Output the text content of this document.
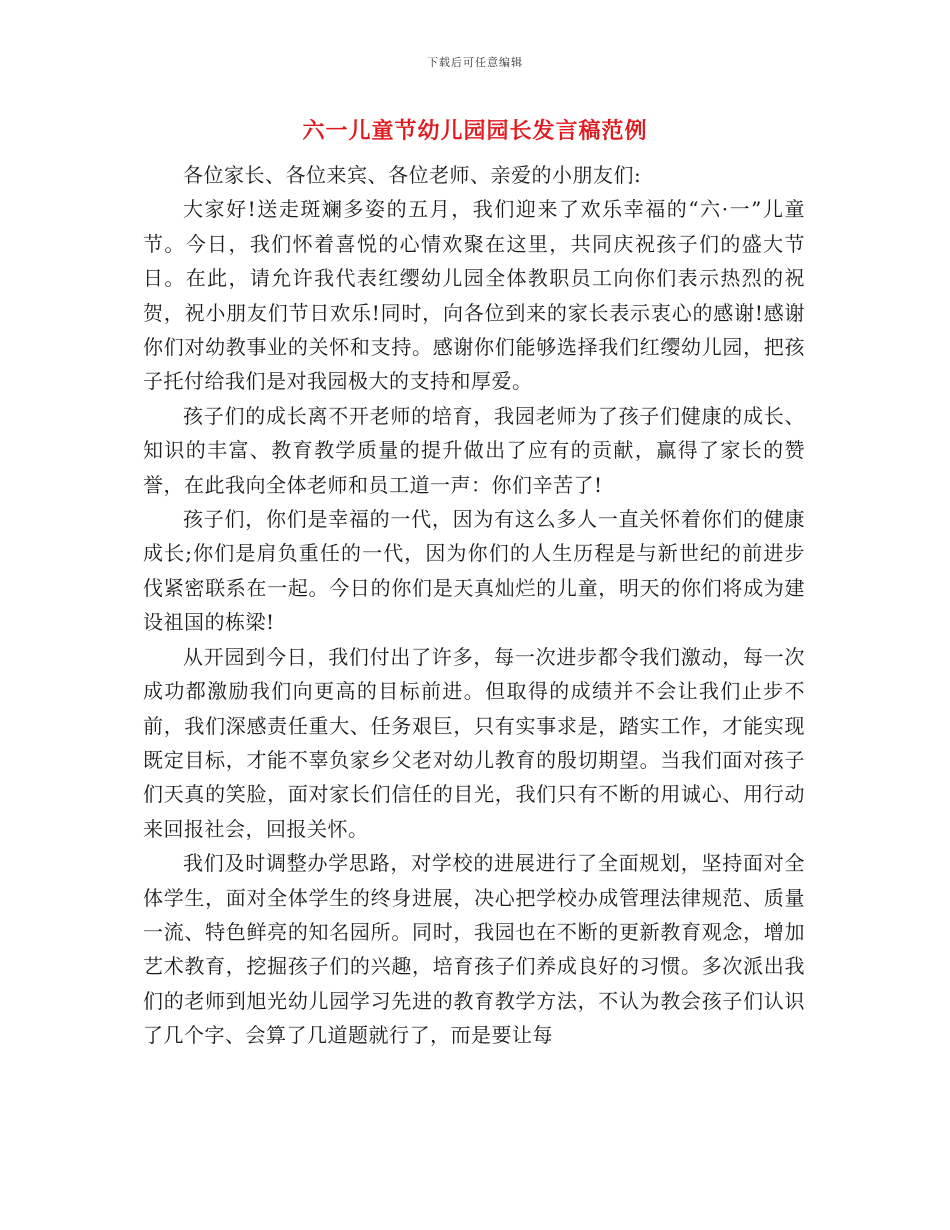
下载后可任意编辑
六一儿童节幼儿园园长发言稿范例

各位家长、各位来宾、各位老师、亲爱的小朋友们:

大家好!送走斑斓多姿的五月，我们迎来了欢乐幸福的“六·一”儿童节。今日，我们怀着喜悦的心情欢聚在这里，共同庆祝孩子们的盛大节日。在此，请允许我代表红缨幼儿园全体教职员工向你们表示热烈的祝贺，祝小朋友们节日欢乐!同时，向各位到来的家长表示衷心的感谢!感谢你们对幼教事业的关怀和支持。感谢你们能够选择我们红缨幼儿园，把孩子托付给我们是对我园极大的支持和厚爱。

孩子们的成长离不开老师的培育，我园老师为了孩子们健康的成长、知识的丰富、教育教学质量的提升做出了应有的贡献，赢得了家长的赞誉，在此我向全体老师和员工道一声：你们辛苦了!

孩子们，你们是幸福的一代，因为有这么多人一直关怀着你们的健康成长;你们是肩负重任的一代，因为你们的人生历程是与新世纪的前进步伐紧密联系在一起。今日的你们是天真灿烂的儿童，明天的你们将成为建设祖国的栋梁!

从开园到今日，我们付出了许多，每一次进步都令我们激动，每一次成功都激励我们向更高的目标前进。但取得的成绩并不会让我们止步不前，我们深感责任重大、任务艰巨，只有实事求是，踏实工作，才能实现既定目标，才能不辜负家乡父老对幼儿教育的殷切期望。当我们面对孩子们天真的笑脸，面对家长们信任的目光，我们只有不断的用诚心、用行动来回报社会，回报关怀。

我们及时调整办学思路，对学校的进展进行了全面规划，坚持面对全体学生，面对全体学生的终身进展，决心把学校办成管理法律规范、质量一流、特色鲜亮的知名园所。同时，我园也在不断的更新教育观念，增加艺术教育，挖掘孩子们的兴趣，培育孩子们养成良好的习惯。多次派出我们的老师到旭光幼儿园学习先进的教育教学方法，不认为教会孩子们认识了几个字、会算了几道题就行了，而是要让每
